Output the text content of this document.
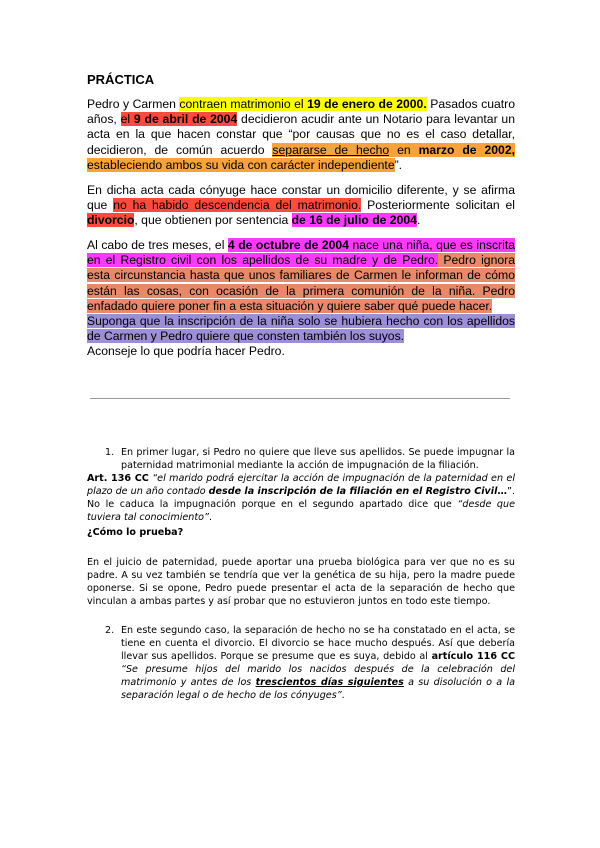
PRÁCTICA
Pedro y Carmen contraen matrimonio el 19 de enero de 2000. Pasados cuatro años, el 9 de abril de 2004 decidieron acudir ante un Notario para levantar un acta en la que hacen constar que “por causas que no es el caso detallar, decidieron, de común acuerdo separarse de hecho en marzo de 2002, estableciendo ambos su vida con carácter independiente”.
En dicha acta cada cónyuge hace constar un domicilio diferente, y se afirma que no ha habido descendencia del matrimonio. Posteriormente solicitan el divorcio, que obtienen por sentencia de 16 de julio de 2004.
Al cabo de tres meses, el 4 de octubre de 2004 nace una niña, que es inscrita en el Registro civil con los apellidos de su madre y de Pedro. Pedro ignora esta circunstancia hasta que unos familiares de Carmen le informan de cómo están las cosas, con ocasión de la primera comunión de la niña. Pedro enfadado quiere poner fin a esta situación y quiere saber qué puede hacer.
Suponga que la inscripción de la niña solo se hubiera hecho con los apellidos de Carmen y Pedro quiere que consten también los suyos.
Aconseje lo que podría hacer Pedro.
1. En primer lugar, si Pedro no quiere que lleve sus apellidos. Se puede impugnar la paternidad matrimonial mediante la acción de impugnación de la filiación.
Art. 136 CC “el marido podrá ejercitar la acción de impugnación de la paternidad en el plazo de un año contado desde la inscripción de la filiación en el Registro Civil…”. No le caduca la impugnación porque en el segundo apartado dice que “desde que tuviera tal conocimiento”.
¿Cómo lo prueba?
En el juicio de paternidad, puede aportar una prueba biológica para ver que no es su padre. A su vez también se tendría que ver la genética de su hija, pero la madre puede oponerse. Si se opone, Pedro puede presentar el acta de la separación de hecho que vinculan a ambas partes y así probar que no estuvieron juntos en todo este tiempo.
2. En este segundo caso, la separación de hecho no se ha constatado en el acta, se tiene en cuenta el divorcio. El divorcio se hace mucho después. Así que debería llevar sus apellidos. Porque se presume que es suya, debido al artículo 116 CC “Se presume hijos del marido los nacidos después de la celebración del matrimonio y antes de los trescientos días siguientes a su disolución o a la separación legal o de hecho de los cónyuges”.
